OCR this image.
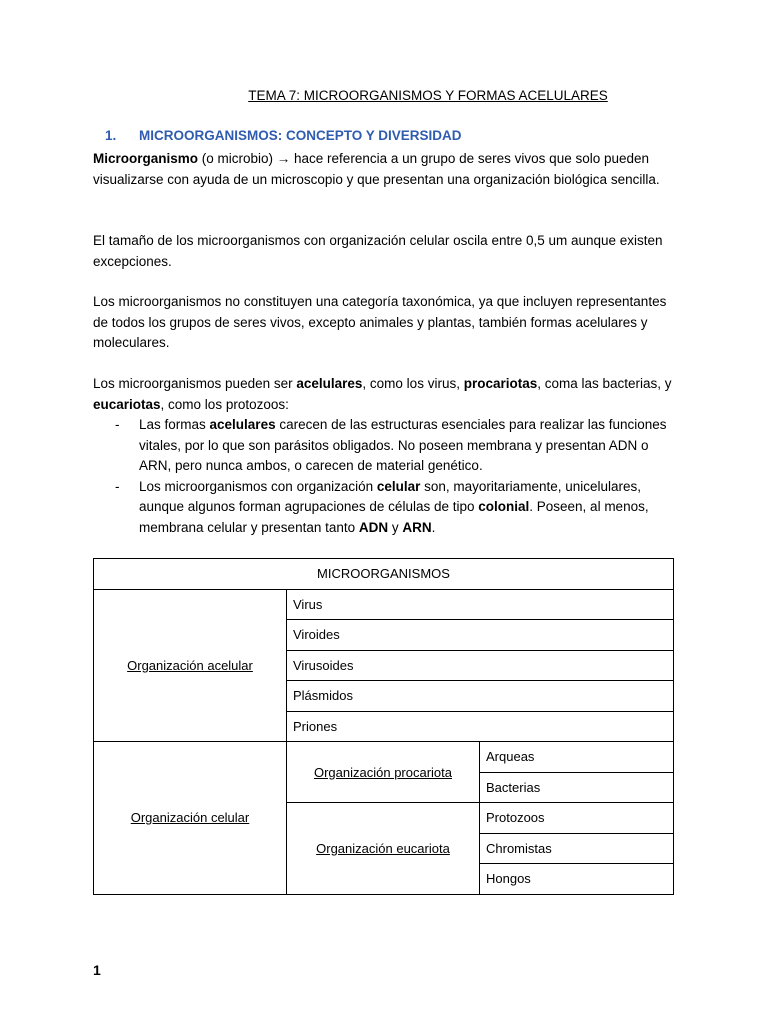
TEMA 7: MICROORGANISMOS Y FORMAS ACELULARES
1. MICROORGANISMOS: CONCEPTO Y DIVERSIDAD
Microorganismo (o microbio) → hace referencia a un grupo de seres vivos que solo pueden visualizarse con ayuda de un microscopio y que presentan una organización biológica sencilla.
El tamaño de los microorganismos con organización celular oscila entre 0,5 um aunque existen excepciones.
Los microorganismos no constituyen una categoría taxonómica, ya que incluyen representantes de todos los grupos de seres vivos, excepto animales y plantas, también formas acelulares y moleculares.
Los microorganismos pueden ser acelulares, como los virus, procariotas, coma las bacterias, y eucariotas, como los protozoos:
- Las formas acelulares carecen de las estructuras esenciales para realizar las funciones vitales, por lo que son parásitos obligados. No poseen membrana y presentan ADN o ARN, pero nunca ambos, o carecen de material genético.
- Los microorganismos con organización celular son, mayoritariamente, unicelulares, aunque algunos forman agrupaciones de células de tipo colonial. Poseen, al menos, membrana celular y presentan tanto ADN y ARN.
MICROORGANISMOS		
Organización acelular	Virus	
	Viroides	
	Virusoides	
	Plásmidos	
	Priones	
Organización celular	Organización procariota	Arqueas
		Bacterias
	Organización eucariota	Protozoos
		Chromistas
		Hongos
1
